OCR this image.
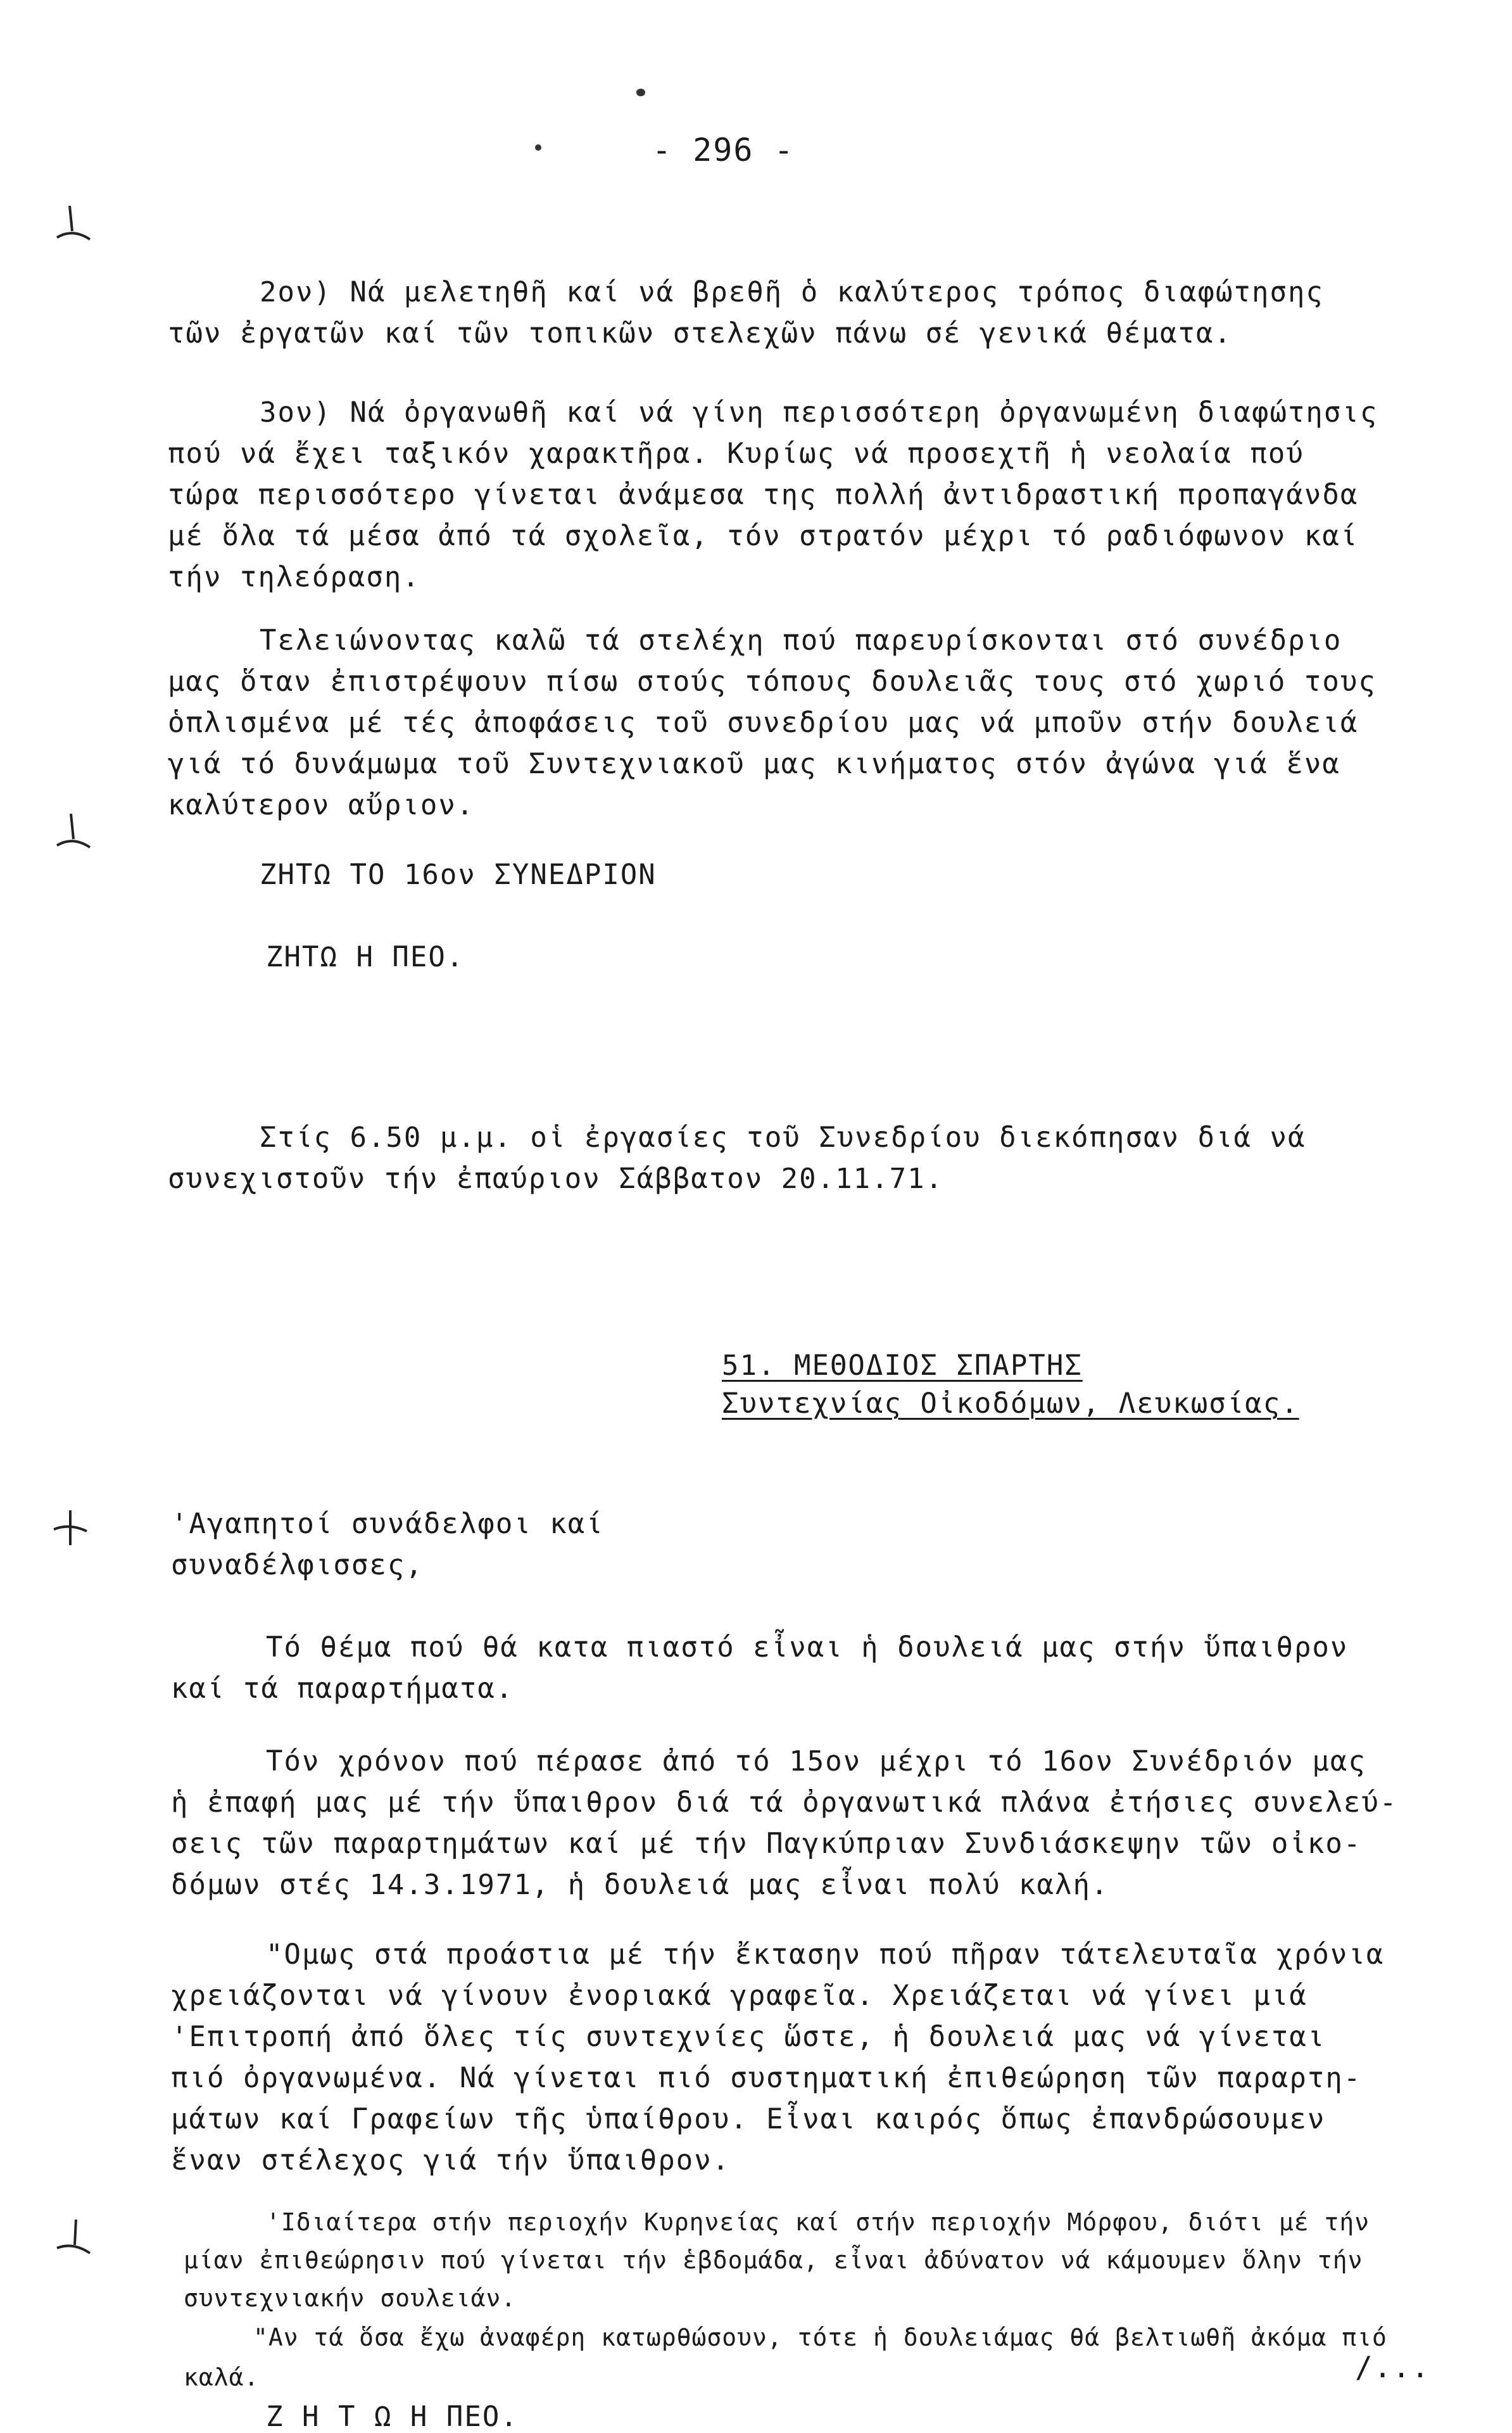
- 296 -
2ον) Νά μελετηθῆ καί νά βρεθῆ ὁ καλύτερος τρόπος διαφώτησης
τῶν ἐργατῶν καί τῶν τοπικῶν στελεχῶν πάνω σέ γενικά θέματα.
3ον) Νά ὀργανωθῆ καί νά γίνη περισσότερη ὀργανωμένη διαφώτησις
πού νά ἔχει ταξικόν χαρακτῆρα. Κυρίως νά προσεχτῆ ἡ νεολαία πού
τώρα περισσότερο γίνεται ἀνάμεσα της πολλή ἀντιδραστική προπαγάνδα
μέ ὅλα τά μέσα ἀπό τά σχολεῖα, τόν στρατόν μέχρι τό ραδιόφωνον καί
τήν τηλεόραση.
Τελειώνοντας καλῶ τά στελέχη πού παρευρίσκονται στό συνέδριο
μας ὅταν ἐπιστρέψουν πίσω στούς τόπους δουλειᾶς τους στό χωριό τους
ὁπλισμένα μέ τές ἀποφάσεις τοῦ συνεδρίου μας νά μποῦν στήν δουλειά
γιά τό δυνάμωμα τοῦ Συντεχνιακοῦ μας κινήματος στόν ἀγώνα γιά ἕνα
καλύτερον αὔριον.
ΖΗΤΩ ΤΟ 16ον ΣΥΝΕΔΡΙΟΝ
ΖΗΤΩ Η ΠΕΟ.
Στίς 6.50 μ.μ. οἱ ἐργασίες τοῦ Συνεδρίου διεκόπησαν διά νά
συνεχιστοῦν τήν ἐπαύριον Σάββατον 20.11.71.
51. ΜΕΘΟΔΙΟΣ ΣΠΑΡΤΗΣ
Συντεχνίας Οἰκοδόμων, Λευκωσίας.
'Αγαπητοί συνάδελφοι καί
συναδέλφισσες,
Τό θέμα πού θά κατα πιαστό εἶναι ἡ δουλειά μας στήν ὕπαιθρον
καί τά παραρτήματα.
Τόν χρόνον πού πέρασε ἀπό τό 15ον μέχρι τό 16ον Συνέδριόν μας
ἡ ἐπαφή μας μέ τήν ὕπαιθρον διά τά ὀργανωτικά πλάνα ἐτήσιες συνελεύ-
σεις τῶν παραρτημάτων καί μέ τήν Παγκύπριαν Συνδιάσκεψην τῶν οἰκο-
δόμων στές 14.3.1971, ἡ δουλειά μας εἶναι πολύ καλή.
"Ομως στά προάστια μέ τήν ἔκτασην πού πῆραν τάτελευταῖα χρόνια
χρειάζονται νά γίνουν ἐνοριακά γραφεῖα. Χρειάζεται νά γίνει μιά
'Επιτροπή ἀπό ὅλες τίς συντεχνίες ὥστε, ἡ δουλειά μας νά γίνεται
πιό ὀργανωμένα. Νά γίνεται πιό συστηματική ἐπιθεώρηση τῶν παραρτη-
μάτων καί Γραφείων τῆς ὑπαίθρου. Εἶναι καιρός ὅπως ἐπανδρώσουμεν
ἕναν στέλεχος γιά τήν ὕπαιθρον.
'Ιδιαίτερα στήν περιοχήν Κυρηνείας καί στήν περιοχήν Μόρφου, διότι μέ τήν
μίαν ἐπιθεώρησιν πού γίνεται τήν ἑβδομάδα, εἶναι ἀδύνατον νά κάμουμεν ὅλην τήν
συντεχνιακήν σουλειάν.
"Αν τά ὅσα ἔχω ἀναφέρη κατωρθώσουν, τότε ἡ δουλειάμας θά βελτιωθῆ ἀκόμα πιό
καλά.	/...
Ζ Η Τ Ω Η ΠΕΟ.
